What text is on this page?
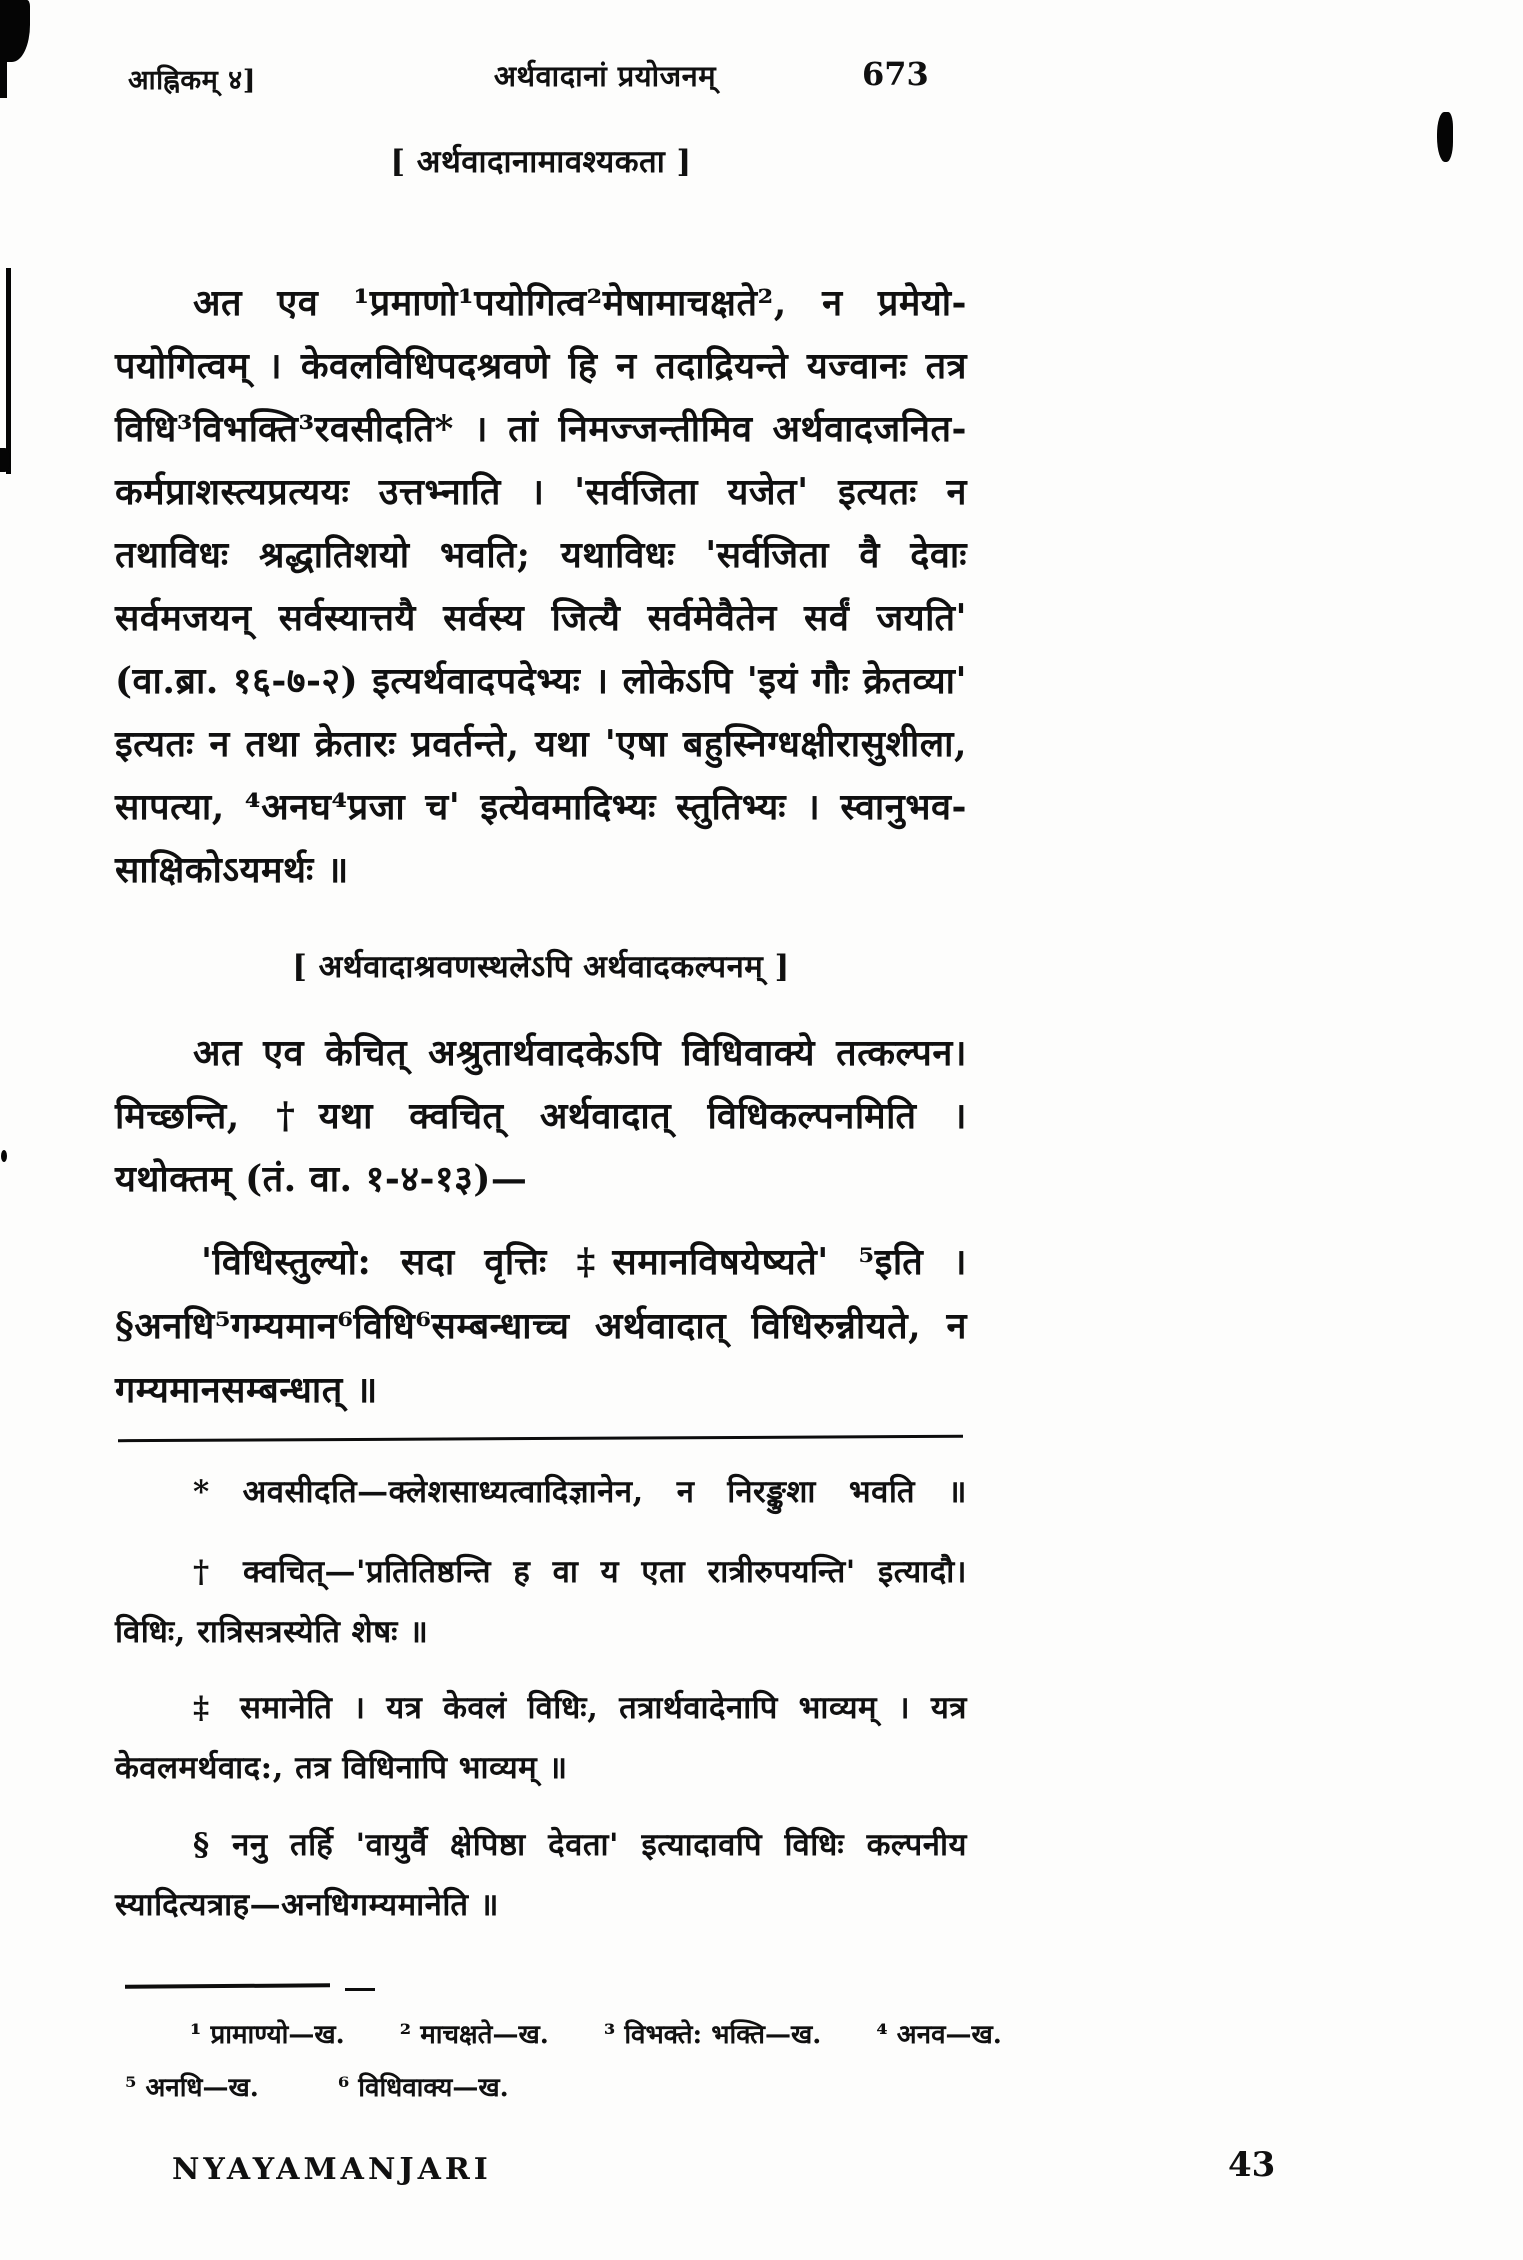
आह्निकम् ४]	अर्थवादानां प्रयोजनम्	673
[ अर्थवादानामावश्यकता ]
अत एव ¹प्रमाणो¹पयोगित्व²मेषामाचक्षते², न प्रमेयो-
पयोगित्वम् । केवलविधिपदश्रवणे हि न तदाद्रियन्ते यज्वानः तत्र
विधि³विभक्ति³रवसीदति* । तां निमज्जन्तीमिव अर्थवादजनित-
कर्मप्राशस्त्यप्रत्ययः उत्तभ्नाति । 'सर्वजिता यजेत' इत्यतः न
तथाविधः श्रद्धातिशयो भवति; यथाविधः 'सर्वजिता वै देवाः
सर्वमजयन् सर्वस्यात्तयै सर्वस्य जित्यै सर्वमेवैतेन सर्वं जयति'
(वा.ब्रा. १६-७-२) इत्यर्थवादपदेभ्यः । लोकेऽपि 'इयं गौः क्रेतव्या'
इत्यतः न तथा क्रेतारः प्रवर्तन्ते, यथा 'एषा बहुस्निग्धक्षीरासुशीला,
सापत्या, ⁴अनघ⁴प्रजा च' इत्येवमादिभ्यः स्तुतिभ्यः । स्वानुभव-
साक्षिकोऽयमर्थः ॥
[ अर्थवादाश्रवणस्थलेऽपि अर्थवादकल्पनम् ]
अत एव केचित् अश्रुतार्थवादकेऽपि विधिवाक्ये तत्कल्पन।
मिच्छन्ति, †यथा क्वचित् अर्थवादात् विधिकल्पनमिति ।
यथोक्तम् (तं. वा. १-४-१३)—
'विधिस्तुल्यो: सदा वृत्तिः ‡समानविषयेष्यते' ⁵इति ।
§अनधि⁵गम्यमान⁶विधि⁶सम्बन्धाच्च अर्थवादात् विधिरुन्नीयते, न
गम्यमानसम्बन्धात् ॥
* अवसीदति—क्लेशसाध्यत्वादिज्ञानेन, न निरङ्कुशा भवति ॥
† क्वचित्—'प्रतितिष्ठन्ति ह वा य एता रात्रीरुपयन्ति' इत्यादौ।
विधिः, रात्रिसत्रस्येति शेषः ॥
‡ समानेति । यत्र केवलं विधिः, तत्रार्थवादेनापि भाव्यम् । यत्र
केवलमर्थवाद:, तत्र विधिनापि भाव्यम् ॥
§ ननु तर्हि 'वायुर्वै क्षेपिष्ठा देवता' इत्यादावपि विधिः कल्पनीय
स्यादित्यत्राह—अनधिगम्यमानेति ॥
¹ प्रामाण्यो—ख. ² माचक्षते—ख. ³ विभक्ते: भक्ति—ख. ⁴ अनव—ख.
⁵ अनधि—ख.	⁶ विधिवाक्य—ख.
NYAYAMANJARI	43
